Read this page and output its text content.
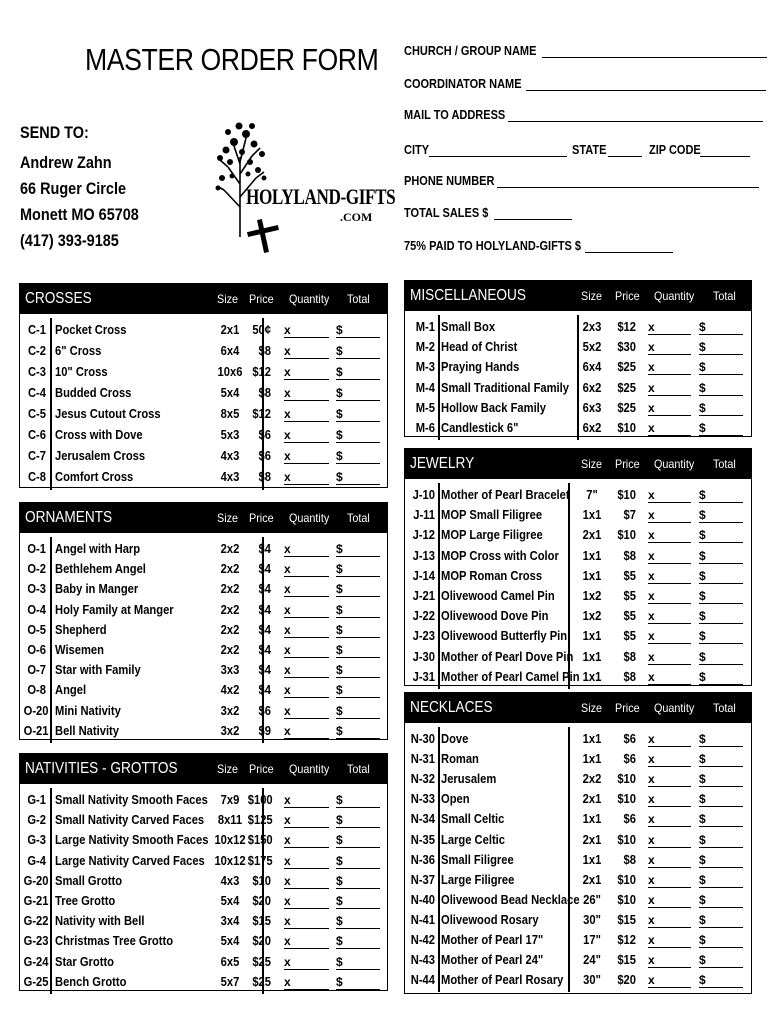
MASTER ORDER FORM
SEND TO:
Andrew Zahn
66 Ruger Circle
Monett MO 65708
(417) 393-9185
HOLYLAND-GIFTS
.COM
CHURCH / GROUP NAME
COORDINATOR NAME
MAIL TO ADDRESS
CITY	STATE	ZIP CODE
PHONE NUMBER
TOTAL SALES $
75% PAID TO HOLYLAND-GIFTS $
CROSSES	Size Price Quantity Total
C-1 Pocket Cross	2x1	50¢ x	$
C-2 6" Cross	6x4	$8 x	$
C-3 10" Cross	10x6 $12 x	$
C-4 Budded Cross	5x4	$8 x	$
C-5 Jesus Cutout Cross	8x5	$12 x	$
C-6 Cross with Dove	5x3	$6 x	$
C-7 Jerusalem Cross	4x3	$6 x	$
C-8 Comfort Cross	4x3	$8 x	$
ORNAMENTS	Size Price Quantity Total
O-1 Angel with Harp	2x2	$4 x	$
O-2 Bethlehem Angel	2x2	$4 x	$
O-3 Baby in Manger	2x2	$4 x	$
O-4 Holy Family at Manger	2x2	$4 x	$
O-5 Shepherd	2x2	$4 x	$
O-6 Wisemen	2x2	$4 x	$
O-7 Star with Family	3x3	$4 x	$
O-8 Angel	4x2	$4 x	$
O-20 Mini Nativity	3x2	$6 x	$
O-21 Bell Nativity	3x2	$9 x	$
NATIVITIES - GROTTOS	Size Price Quantity Total
G-1 Small Nativity Smooth Faces 7x9 $100 x	$
G-2 Small Nativity Carved Faces	8x11 $125 x	$
G-3 Large Nativity Smooth Faces 10x12 $150 x	$
G-4 Large Nativity Carved Faces 10x12 $175 x	$
G-20 Small Grotto	4x3	$10 x	$
G-21 Tree Grotto	5x4	$20 x	$
G-22 Nativity with Bell	3x4	$15 x	$
G-23 Christmas Tree Grotto	5x4	$20 x	$
G-24 Star Grotto	6x5	$25 x	$
G-25 Bench Grotto	5x7	$25 x	$
MISCELLANEOUS	Size Price Quantity Total
M-1 Small Box	2x3	$12 x	$
M-2 Head of Christ	5x2	$30 x	$
M-3 Praying Hands	6x4	$25 x	$
M-4 Small Traditional Family	6x2	$25 x	$
M-5 Hollow Back Family	6x3	$25 x	$
M-6 Candlestick 6"	6x2	$10 x	$
JEWELRY	Size Price Quantity Total
J-10 Mother of Pearl Bracelet	7"	$10 x	$
J-11 MOP Small Filigree	1x1	$7 x	$
J-12 MOP Large Filigree	2x1	$10 x	$
J-13 MOP Cross with Color	1x1	$8 x	$
J-14 MOP Roman Cross	1x1	$5 x	$
J-21 Olivewood Camel Pin	1x2	$5 x	$
J-22 Olivewood Dove Pin	1x2	$5 x	$
J-23 Olivewood Butterfly Pin	1x1	$5 x	$
J-30 Mother of Pearl Dove Pin 1x1	$8 x	$
J-31 Mother of Pearl Camel Pin 1x1	$8 x	$
NECKLACES	Size Price Quantity Total
N-30 Dove	1x1	$6 x	$
N-31 Roman	1x1	$6 x	$
N-32 Jerusalem	2x2	$10 x	$
N-33 Open	2x1	$10 x	$
N-34 Small Celtic	1x1	$6 x	$
N-35 Large Celtic	2x1	$10 x	$
N-36 Small Filigree	1x1	$8 x	$
N-37 Large Filigree	2x1	$10 x	$
N-40 Olivewood Bead Necklace 26"	$10 x	$
N-41 Olivewood Rosary	30"	$15 x	$
N-42 Mother of Pearl 17"	17"	$12 x	$
N-43 Mother of Pearl 24"	24"	$15 x	$
N-44 Mother of Pearl Rosary	30"	$20 x	$
